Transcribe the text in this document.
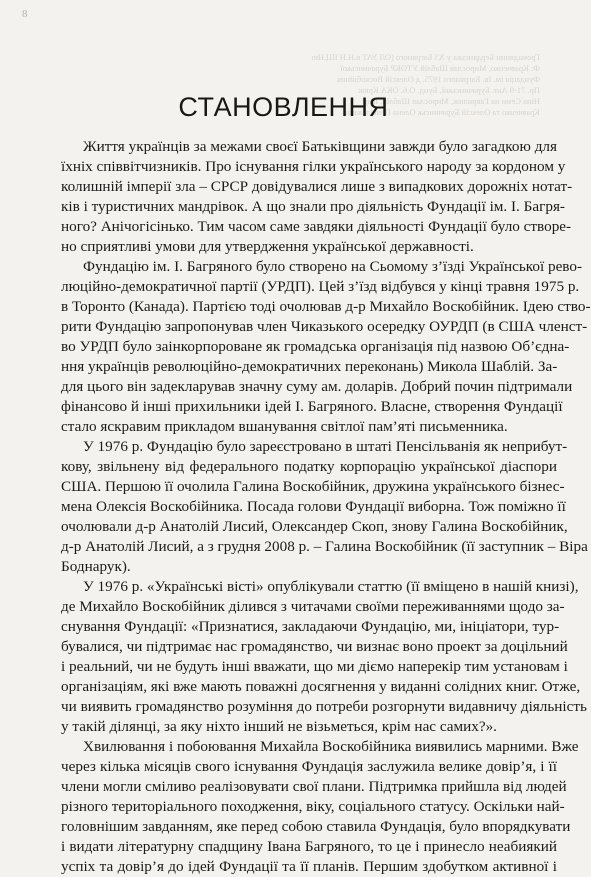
8
Громадянин Бердянська у Х'ї Багряного (ОЛ УАТ в.Н.Н ІЩ.Ню
Ф: Кравченко, Мирослав Шаблій УТОКР Бурачинської
Фундація ім. Ів. Багряного 1975. д Олексій Воскобійник
Пр. 71-9 Ант. Бурачинської, Бунд. О.6. ОКА Крюк
Ніна Семи на Гаврилюк, Мирослав Шаблій, Ігор
Кравченко та Олексій Бурачинськ Олена Пенсільванія
СТАНОВЛЕННЯ
Життя українців за межами своєї Батьківщини завжди було загадкою для
їхніх співвітчизників. Про існування гілки українського народу за кордоном у
колишній імперії зла – СРСР довідувалися лише з випадкових дорожніх нотат-
ків і туристичних мандрівок. А що знали про діяльність Фундації ім. І. Багря-
ного? Анічогісінько. Тим часом саме завдяки діяльності Фундації було створе-
но сприятливі умови для утвердження української державності.
Фундацію ім. І. Багряного було створено на Сьомому з’їзді Української рево-
люційно-демократичної партії (УРДП). Цей з’їзд відбувся у кінці травня 1975 р.
в Торонто (Канада). Партією тоді очолював д-р Михайло Воскобійник. Ідею ство-
рити Фундацію запропонував член Чиказького осередку ОУРДП (в США членст-
во УРДП було заінкорпороване як громадська організація під назвою Об’єдна-
ння українців революційно-демократичних переконань) Микола Шаблій. За-
для цього він задекларував значну суму ам. доларів. Добрий почин підтримали
фінансово й інші прихильники ідей І. Багряного. Власне, створення Фундації
стало яскравим прикладом вшанування світлої пам’яті письменника.
У 1976 р. Фундацію було зареєстровано в штаті Пенсільванія як неприбут-
кову, звільнену від федерального податку корпорацію української діаспори
США. Першою її очолила Галина Воскобійник, дружина українського бізнес-
мена Олексія Воскобійника. Посада голови Фундації виборна. Тож поміжно її
очолювали д-р Анатолій Лисий, Олександер Скоп, знову Галина Воскобійник,
д-р Анатолій Лисий, а з грудня 2008 р. – Галина Воскобійник (її заступник – Віра
Боднарук).
У 1976 р. «Українські вісті» опублікували статтю (її вміщено в нашій книзі),
де Михайло Воскобійник ділився з читачами своїми переживаннями щодо за-
снування Фундації: «Признатися, закладаючи Фундацію, ми, ініціатори, тур-
бувалися, чи підтримає нас громадянство, чи визнає воно проект за доцільний
і реальний, чи не будуть інші вважати, що ми діємо наперекір тим установам і
організаціям, які вже мають поважні досягнення у виданні солідних книг. Отже,
чи виявить громадянство розуміння до потреби розгорнути видавничу діяльність
у такій ділянці, за яку ніхто інший не візьметься, крім нас самих?».
Хвилювання і побоювання Михайла Воскобійника виявились марними. Вже
через кілька місяців свого існування Фундація заслужила велике довір’я, і її
члени могли сміливо реалізовувати свої плани. Підтримка прийшла від людей
різного територіального походження, віку, соціального статусу. Оскільки най-
головнішим завданням, яке перед собою ставила Фундація, було впорядкувати
і видати літературну спадщину Івана Багряного, то це і принесло неабиякий
успіх та довір’я до ідей Фундації та її планів. Першим здобутком активної і
